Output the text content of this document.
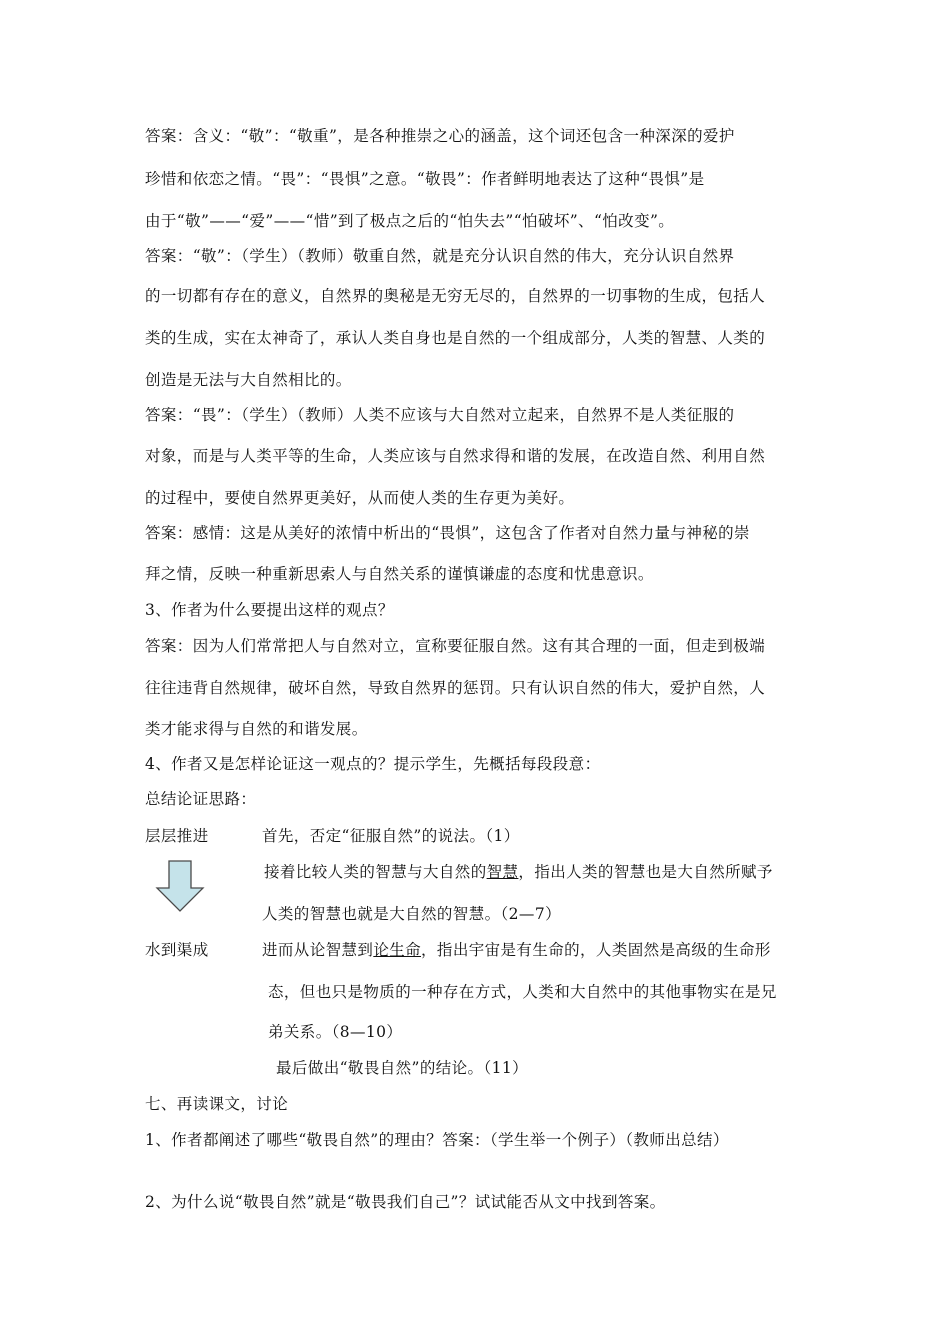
答案：含义：“敬”：“敬重”，是各种推崇之心的涵盖，这个词还包含一种深深的爱护
珍惜和依恋之情。“畏”：“畏惧”之意。“敬畏”：作者鲜明地表达了这种“畏惧”是
由于“敬”——“爱”——“惜”到了极点之后的“怕失去”“怕破坏”、“怕改变”。
答案：“敬”：（学生）（教师）敬重自然，就是充分认识自然的伟大，充分认识自然界
的一切都有存在的意义，自然界的奥秘是无穷无尽的，自然界的一切事物的生成，包括人
类的生成，实在太神奇了，承认人类自身也是自然的一个组成部分，人类的智慧、人类的
创造是无法与大自然相比的。
答案：“畏”：（学生）（教师）人类不应该与大自然对立起来，自然界不是人类征服的
对象，而是与人类平等的生命，人类应该与自然求得和谐的发展，在改造自然、利用自然
的过程中，要使自然界更美好，从而使人类的生存更为美好。
答案：感情：这是从美好的浓情中析出的“畏惧”，这包含了作者对自然力量与神秘的崇
拜之情，反映一种重新思索人与自然关系的谨慎谦虚的态度和忧患意识。
3、作者为什么要提出这样的观点？
答案：因为人们常常把人与自然对立，宣称要征服自然。这有其合理的一面，但走到极端
往往违背自然规律，破坏自然，导致自然界的惩罚。只有认识自然的伟大，爱护自然，人
类才能求得与自然的和谐发展。
4、作者又是怎样论证这一观点的？提示学生，先概括每段段意：
总结论证思路：
层层推进	首先，否定“征服自然”的说法。（1）
接着比较人类的智慧与大自然的智慧，指出人类的智慧也是大自然所赋予
人类的智慧也就是大自然的智慧。（2—7）
水到渠成	进而从论智慧到论生命，指出宇宙是有生命的，人类固然是高级的生命形
态，但也只是物质的一种存在方式，人类和大自然中的其他事物实在是兄
弟关系。（8—10）
最后做出“敬畏自然”的结论。（11）
七、再读课文，讨论
1、作者都阐述了哪些“敬畏自然”的理由？答案：（学生举一个例子）（教师出总结）
2、为什么说“敬畏自然”就是“敬畏我们自己”？试试能否从文中找到答案。
